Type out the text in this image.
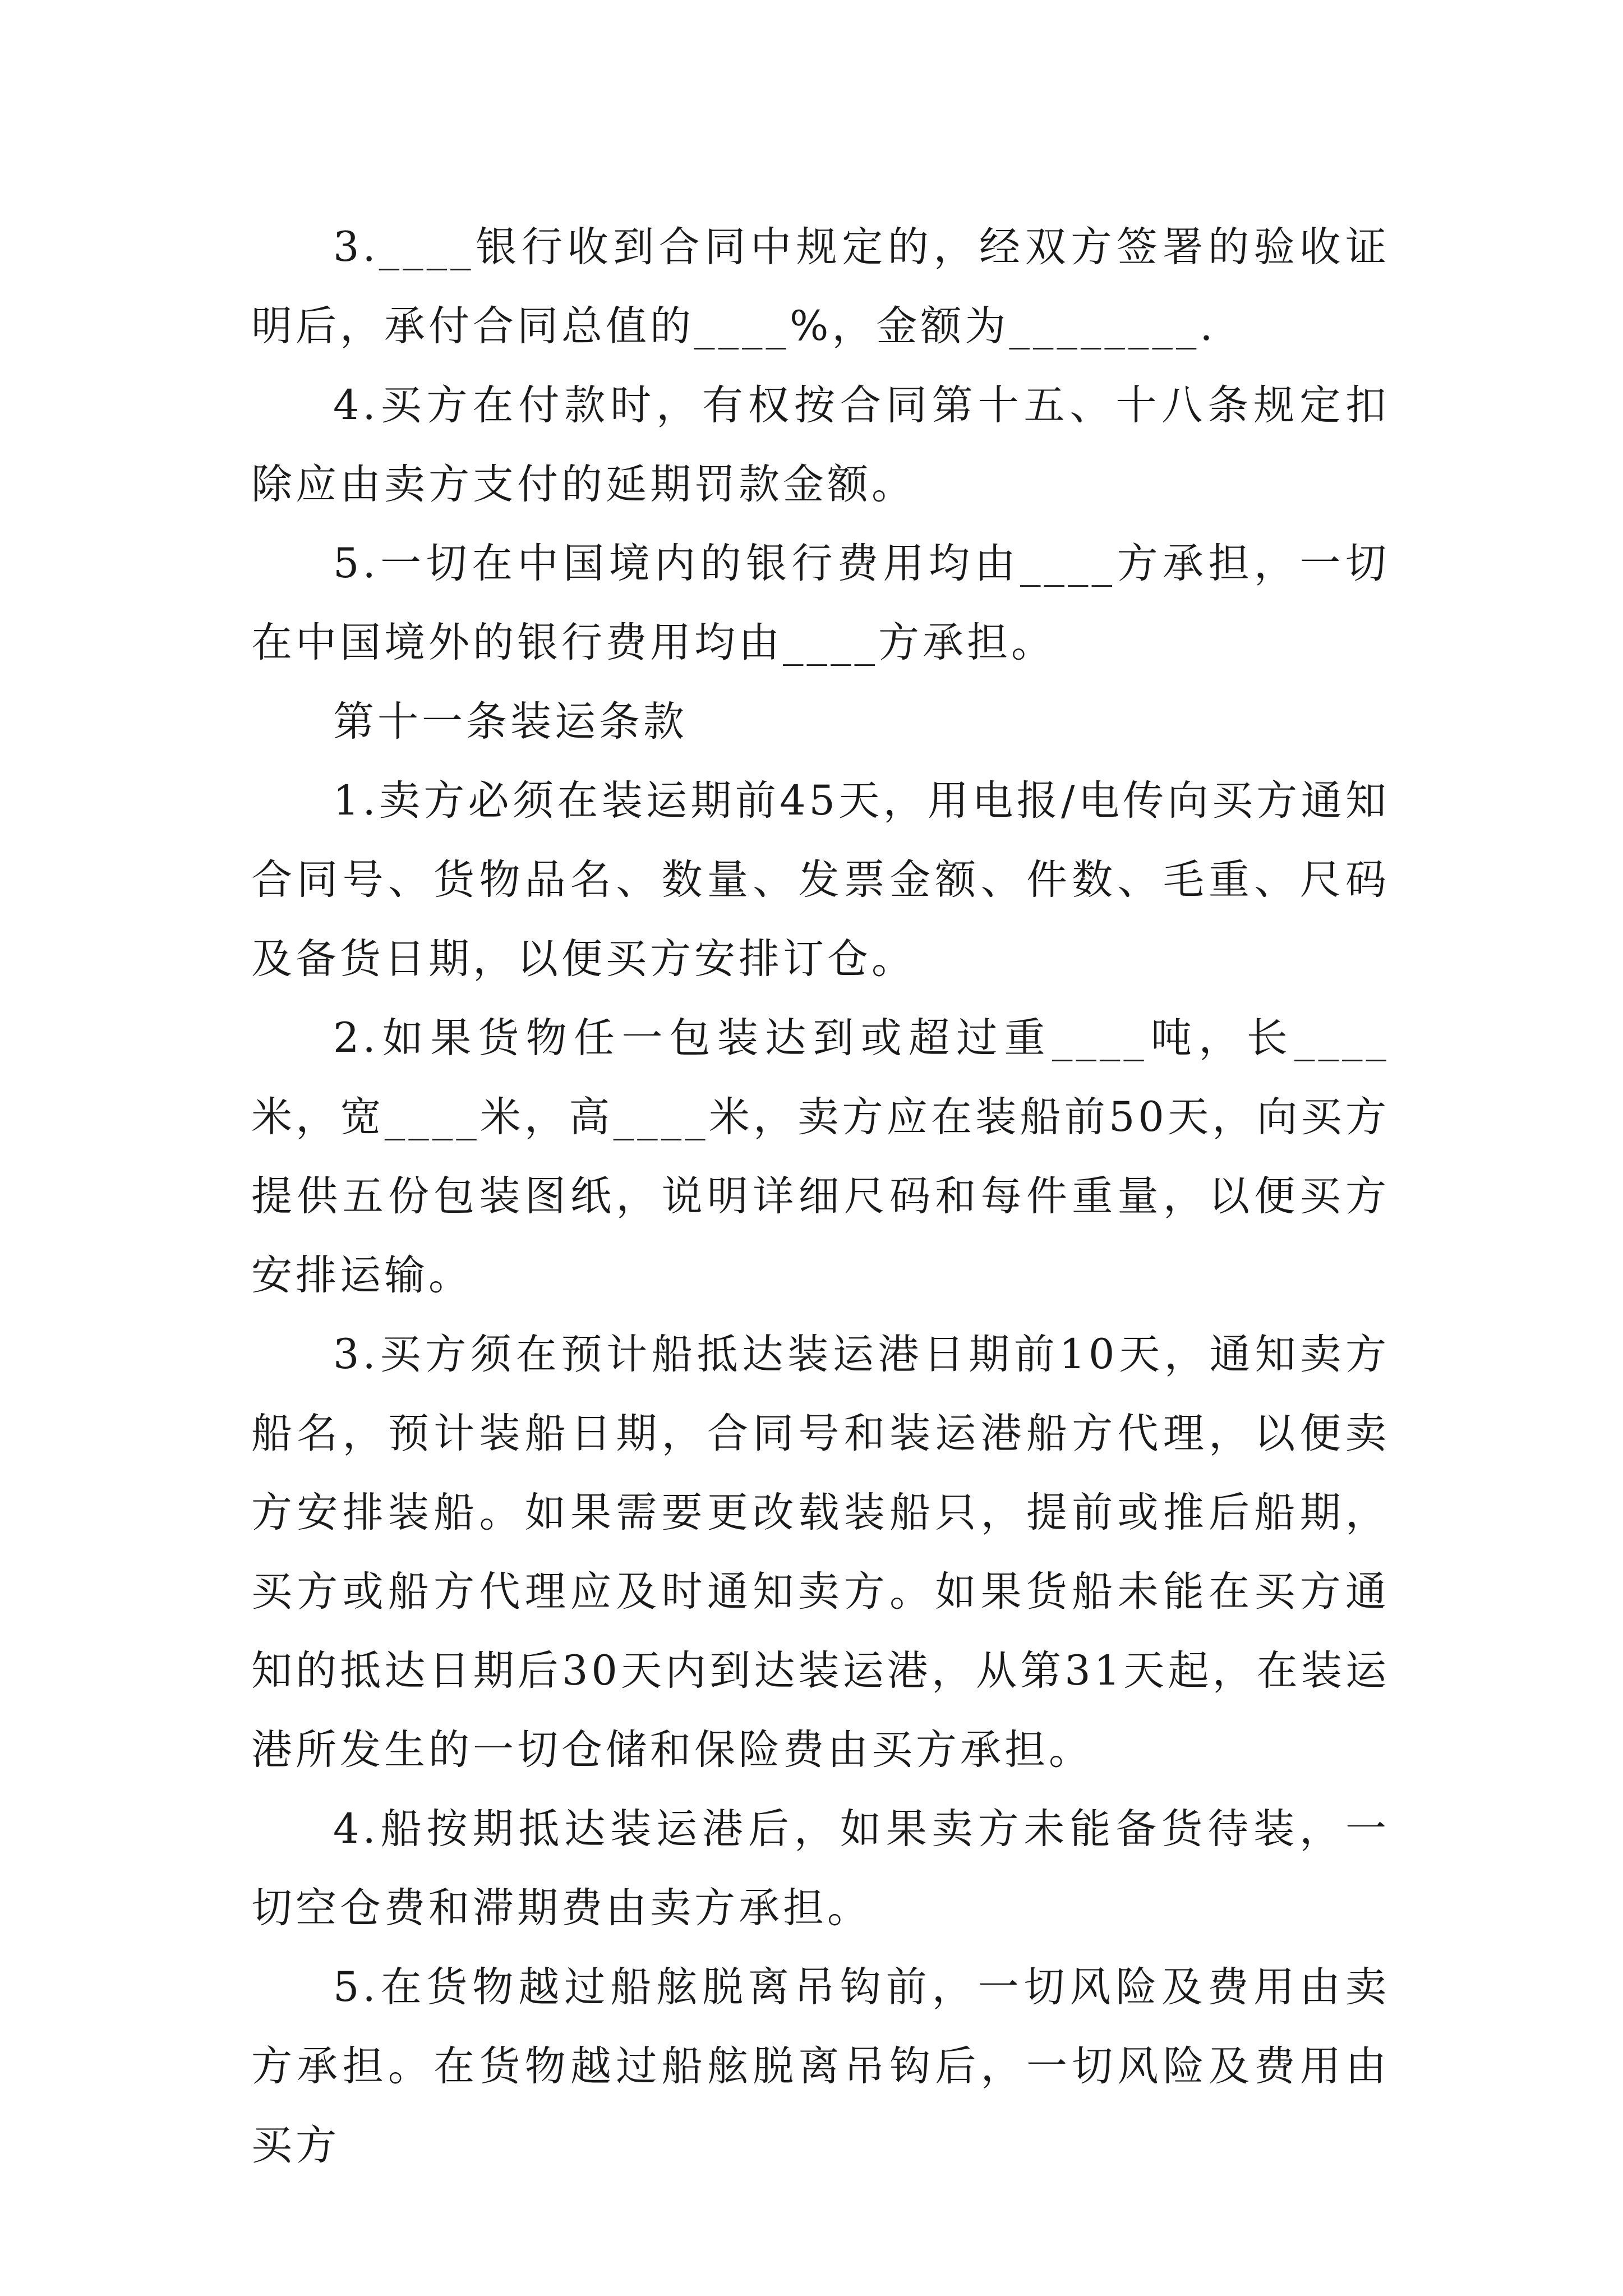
3.____银行收到合同中规定的，经双方签署的验收证明后，承付合同总值的____%，金额为________.

4.买方在付款时，有权按合同第十五、十八条规定扣除应由卖方支付的延期罚款金额。

5.一切在中国境内的银行费用均由____方承担，一切在中国境外的银行费用均由____方承担。

第十一条装运条款

1.卖方必须在装运期前45天，用电报/电传向买方通知合同号、货物品名、数量、发票金额、件数、毛重、尺码及备货日期，以便买方安排订仓。

2.如果货物任一包装达到或超过重____吨，长____米，宽____米，高____米，卖方应在装船前50天，向买方提供五份包装图纸，说明详细尺码和每件重量，以便买方安排运输。

3.买方须在预计船抵达装运港日期前10天，通知卖方船名，预计装船日期，合同号和装运港船方代理，以便卖方安排装船。如果需要更改载装船只，提前或推后船期，买方或船方代理应及时通知卖方。如果货船未能在买方通知的抵达日期后30天内到达装运港，从第31天起，在装运港所发生的一切仓储和保险费由买方承担。

4.船按期抵达装运港后，如果卖方未能备货待装，一切空仓费和滞期费由卖方承担。

5.在货物越过船舷脱离吊钩前，一切风险及费用由卖方承担。在货物越过船舷脱离吊钩后，一切风险及费用由买方
